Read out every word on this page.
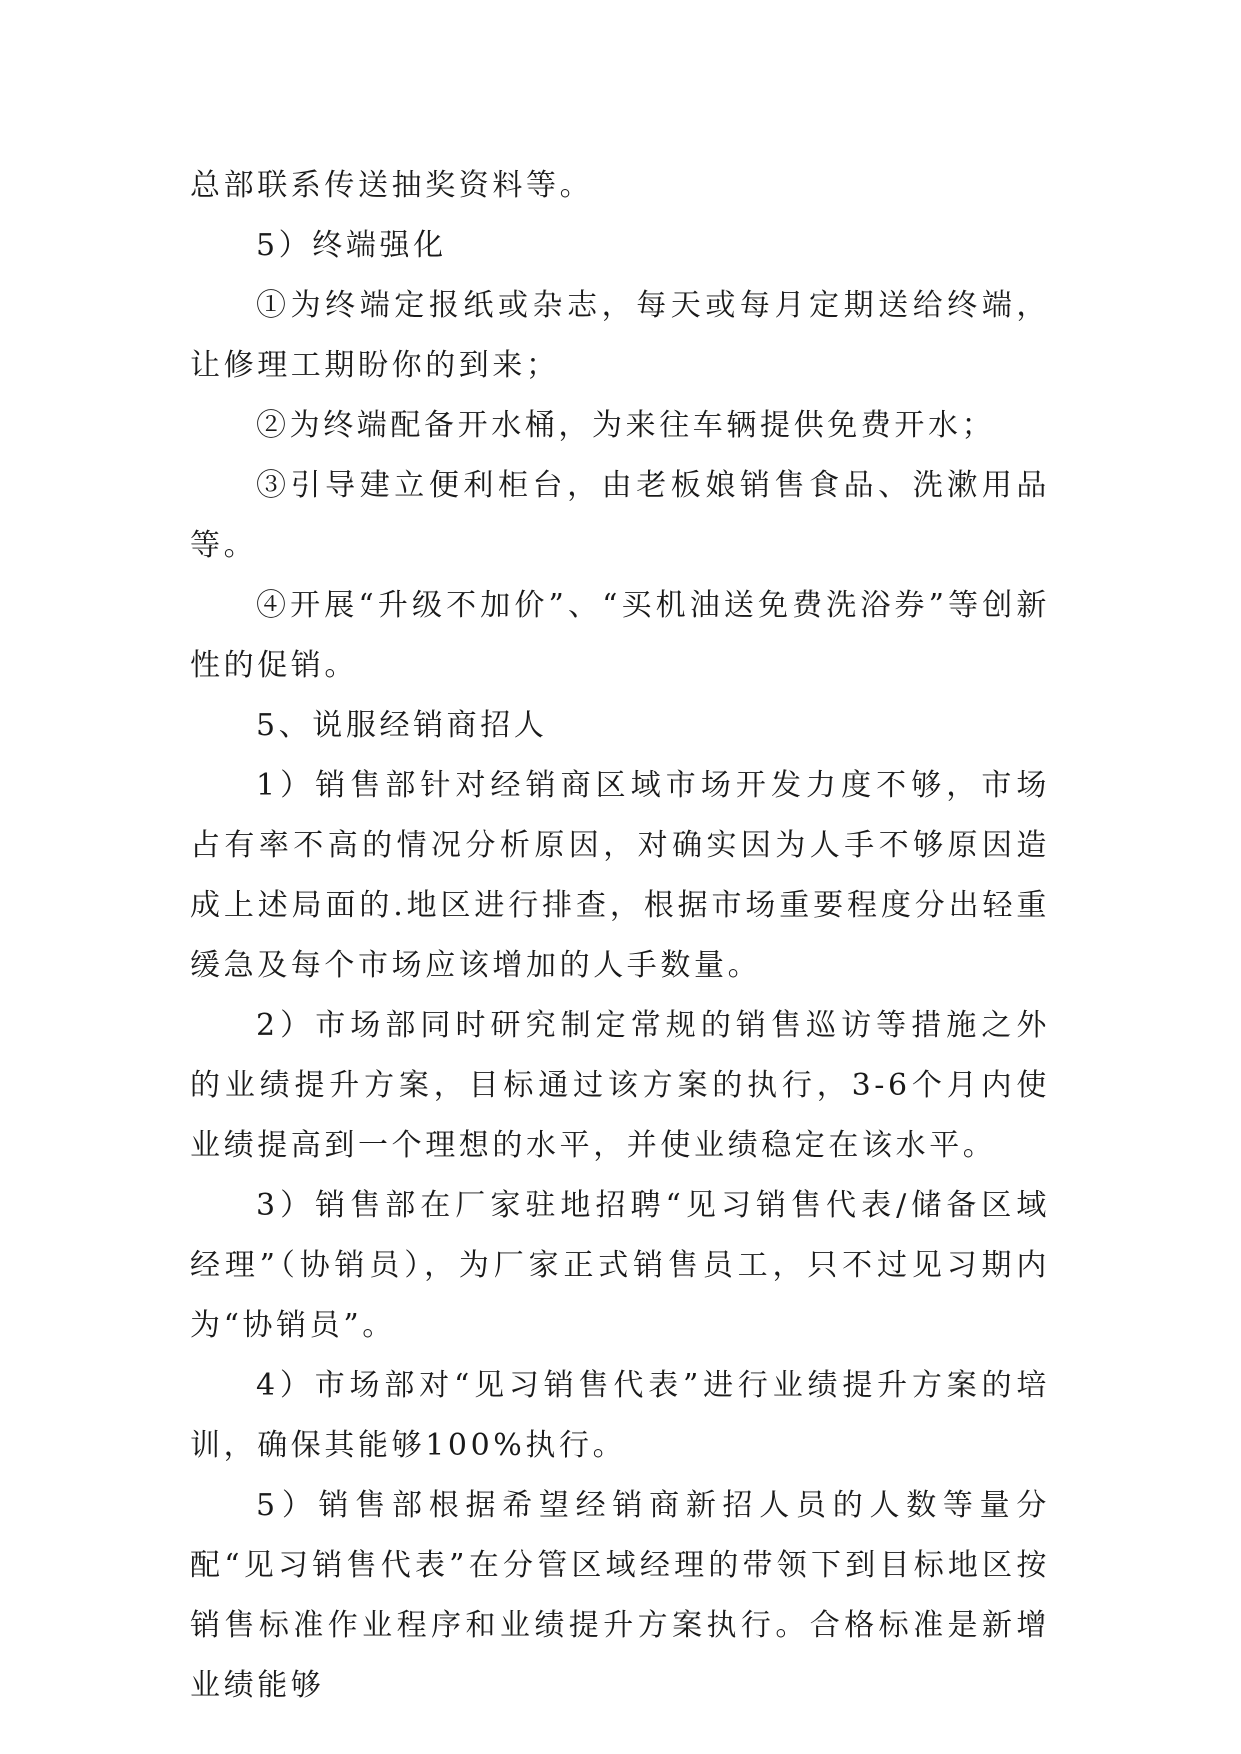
总部联系传送抽奖资料等。

5）终端强化

①为终端定报纸或杂志，每天或每月定期送给终端，让修理工期盼你的到来；

②为终端配备开水桶，为来往车辆提供免费开水；

③引导建立便利柜台，由老板娘销售食品、洗漱用品等。

④开展“升级不加价”、“买机油送免费洗浴券”等创新性的促销。

5、说服经销商招人

1）销售部针对经销商区域市场开发力度不够，市场占有率不高的情况分析原因，对确实因为人手不够原因造成上述局面的.地区进行排查，根据市场重要程度分出轻重缓急及每个市场应该增加的人手数量。

2）市场部同时研究制定常规的销售巡访等措施之外的业绩提升方案，目标通过该方案的执行，3-6个月内使业绩提高到一个理想的水平，并使业绩稳定在该水平。

3）销售部在厂家驻地招聘“见习销售代表/储备区域经理”（协销员），为厂家正式销售员工，只不过见习期内为“协销员”。

4）市场部对“见习销售代表”进行业绩提升方案的培训，确保其能够100%执行。

5）销售部根据希望经销商新招人员的人数等量分配“见习销售代表”在分管区域经理的带领下到目标地区按销售标准作业程序和业绩提升方案执行。合格标准是新增业绩能够
